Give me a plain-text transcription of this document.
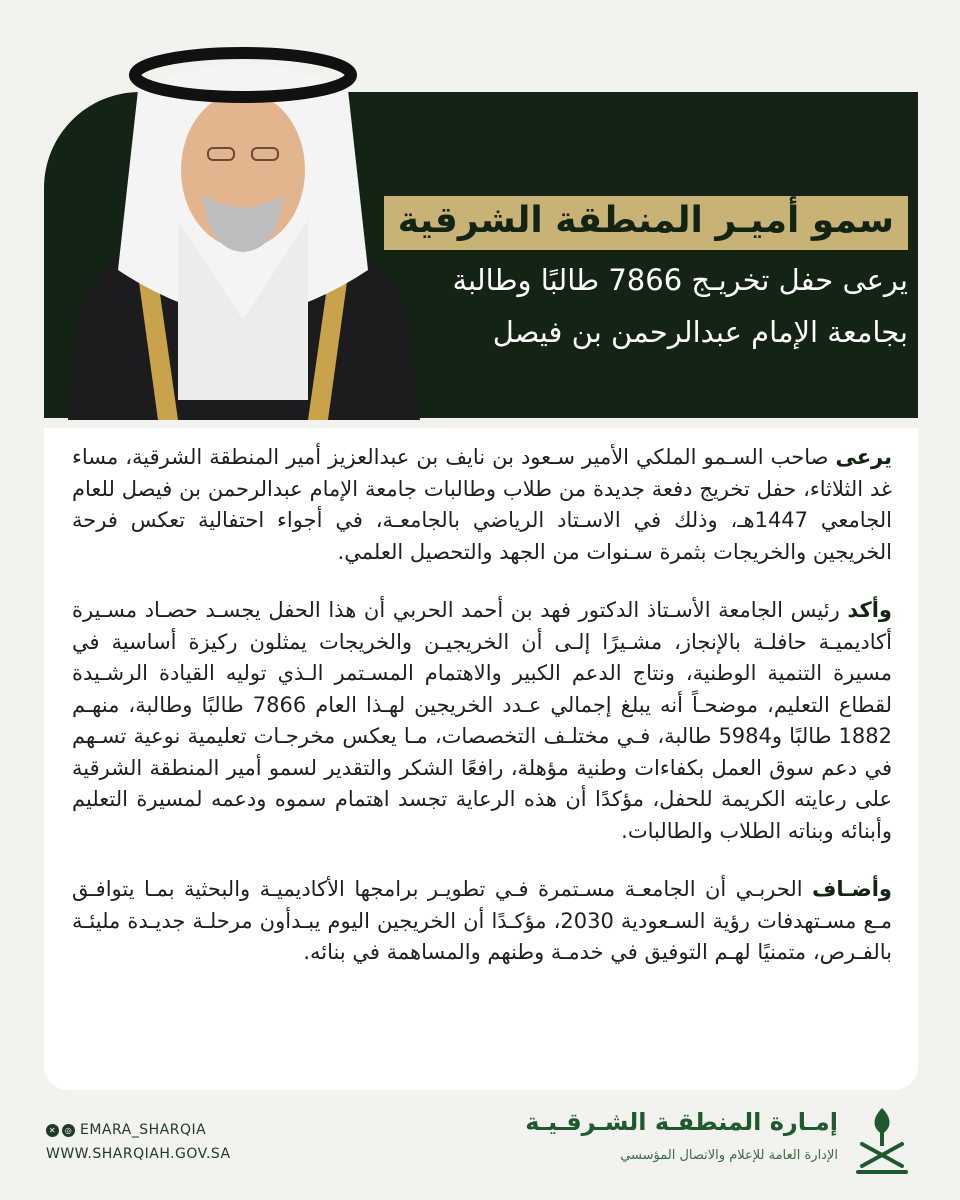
سمو أميـر المنطقة الشرقية
يرعى حفل تخريـج 7866 طالبًا وطالبة
بجامعة الإمام عبدالرحمن بن فيصل

يرعى صاحب السـمو الملكي الأمير سـعود بن نايف بن عبدالعزيز أمير المنطقة الشرقية، مساء غد الثلاثاء، حفل تخريج دفعة جديدة من طلاب وطالبات جامعة الإمام عبدالرحمن بن فيصل للعام الجامعي 1447هـ، وذلك في الاسـتاد الرياضي بالجامعـة، في أجواء احتفالية تعكس فرحة الخريجين والخريجات بثمرة سـنوات من الجهد والتحصيل العلمي.

وأكد رئيس الجامعة الأسـتاذ الدكتور فهد بن أحمد الحربي أن هذا الحفل يجسـد حصـاد مسـيرة أكاديميـة حافلـة بالإنجاز، مشـيرًا إلـى أن الخريجيـن والخريجات يمثلون ركيزة أساسية في مسيرة التنمية الوطنية، ونتاج الدعم الكبير والاهتمام المسـتمر الـذي توليه القيادة الرشـيدة لقطاع التعليم، موضحـاً أنه يبلغ إجمالي عـدد الخريجين لهـذا العام 7866 طالبًا وطالبة، منهـم 1882 طالبًا و5984 طالبة، فـي مختلـف التخصصات، مـا يعكس مخرجـات تعليمية نوعية تسـهم في دعم سوق العمل بكفاءات وطنية مؤهلة، رافعًا الشكر والتقدير لسمو أمير المنطقة الشرقية على رعايته الكريمة للحفل، مؤكدًا أن هذه الرعاية تجسد اهتمام سموه ودعمه لمسيرة التعليم وأبنائه وبناته الطلاب والطالبات.

وأضـاف الحربـي أن الجامعـة مسـتمرة فـي تطويـر برامجها الأكاديميـة والبحثية بمـا يتوافـق مـع مسـتهدفات رؤية السـعودية 2030، مؤكـدًا أن الخريجين اليوم يبـدأون مرحلـة جديـدة مليئـة بالفـرص، متمنيًا لهـم التوفيق في خدمـة وطنهم والمساهمة في بنائه.

✕	◎ EMARA_SHARQIA
WWW.SHARQIAH.GOV.SA
إمـارة المنطقـة الشـرقـيـة
الإدارة العامة للإعلام والاتصال المؤسسي
